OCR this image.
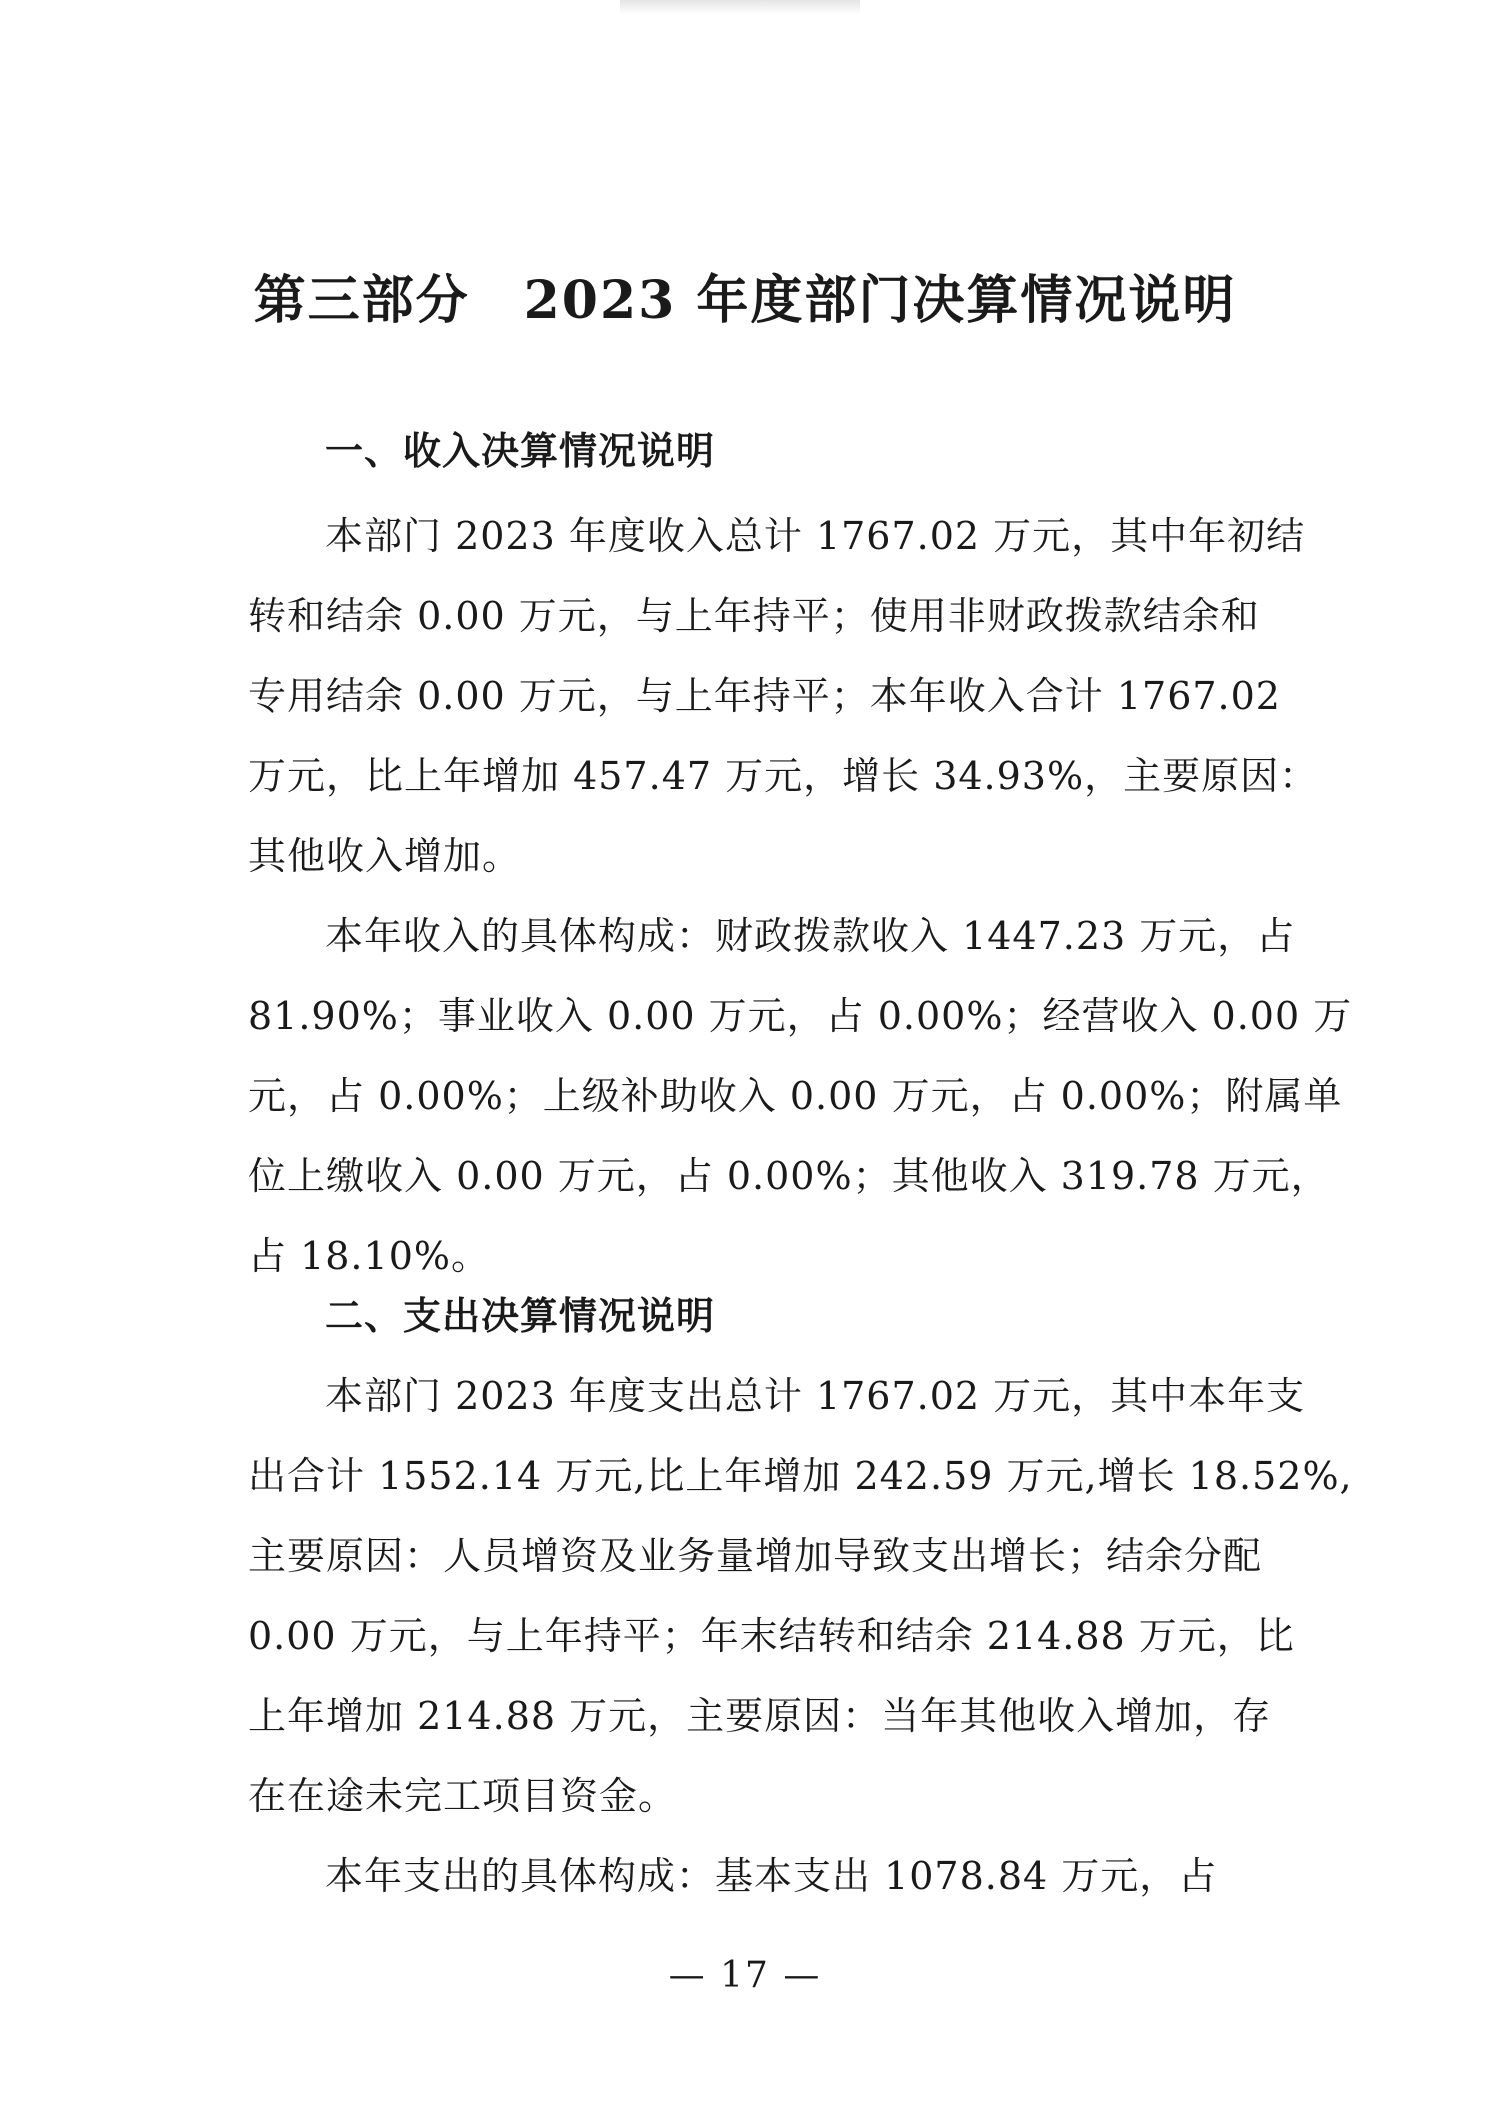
第三部分　2023 年度部门决算情况说明
一、收入决算情况说明
本部门 2023 年度收入总计 1767.02 万元，其中年初结
转和结余 0.00 万元，与上年持平；使用非财政拨款结余和
专用结余 0.00 万元，与上年持平；本年收入合计 1767.02
万元，比上年增加 457.47 万元，增长 34.93%，主要原因：
其他收入增加。
本年收入的具体构成：财政拨款收入 1447.23 万元，占
81.90%；事业收入 0.00 万元，占 0.00%；经营收入 0.00 万
元，占 0.00%；上级补助收入 0.00 万元，占 0.00%；附属单
位上缴收入 0.00 万元，占 0.00%；其他收入 319.78 万元，
占 18.10%。
二、支出决算情况说明
本部门 2023 年度支出总计 1767.02 万元，其中本年支
出合计 1552.14 万元,比上年增加 242.59 万元,增长 18.52%,
主要原因：人员增资及业务量增加导致支出增长；结余分配
0.00 万元，与上年持平；年末结转和结余 214.88 万元，比
上年增加 214.88 万元，主要原因：当年其他收入增加，存
在在途未完工项目资金。
本年支出的具体构成：基本支出 1078.84 万元，占
— 17 —
